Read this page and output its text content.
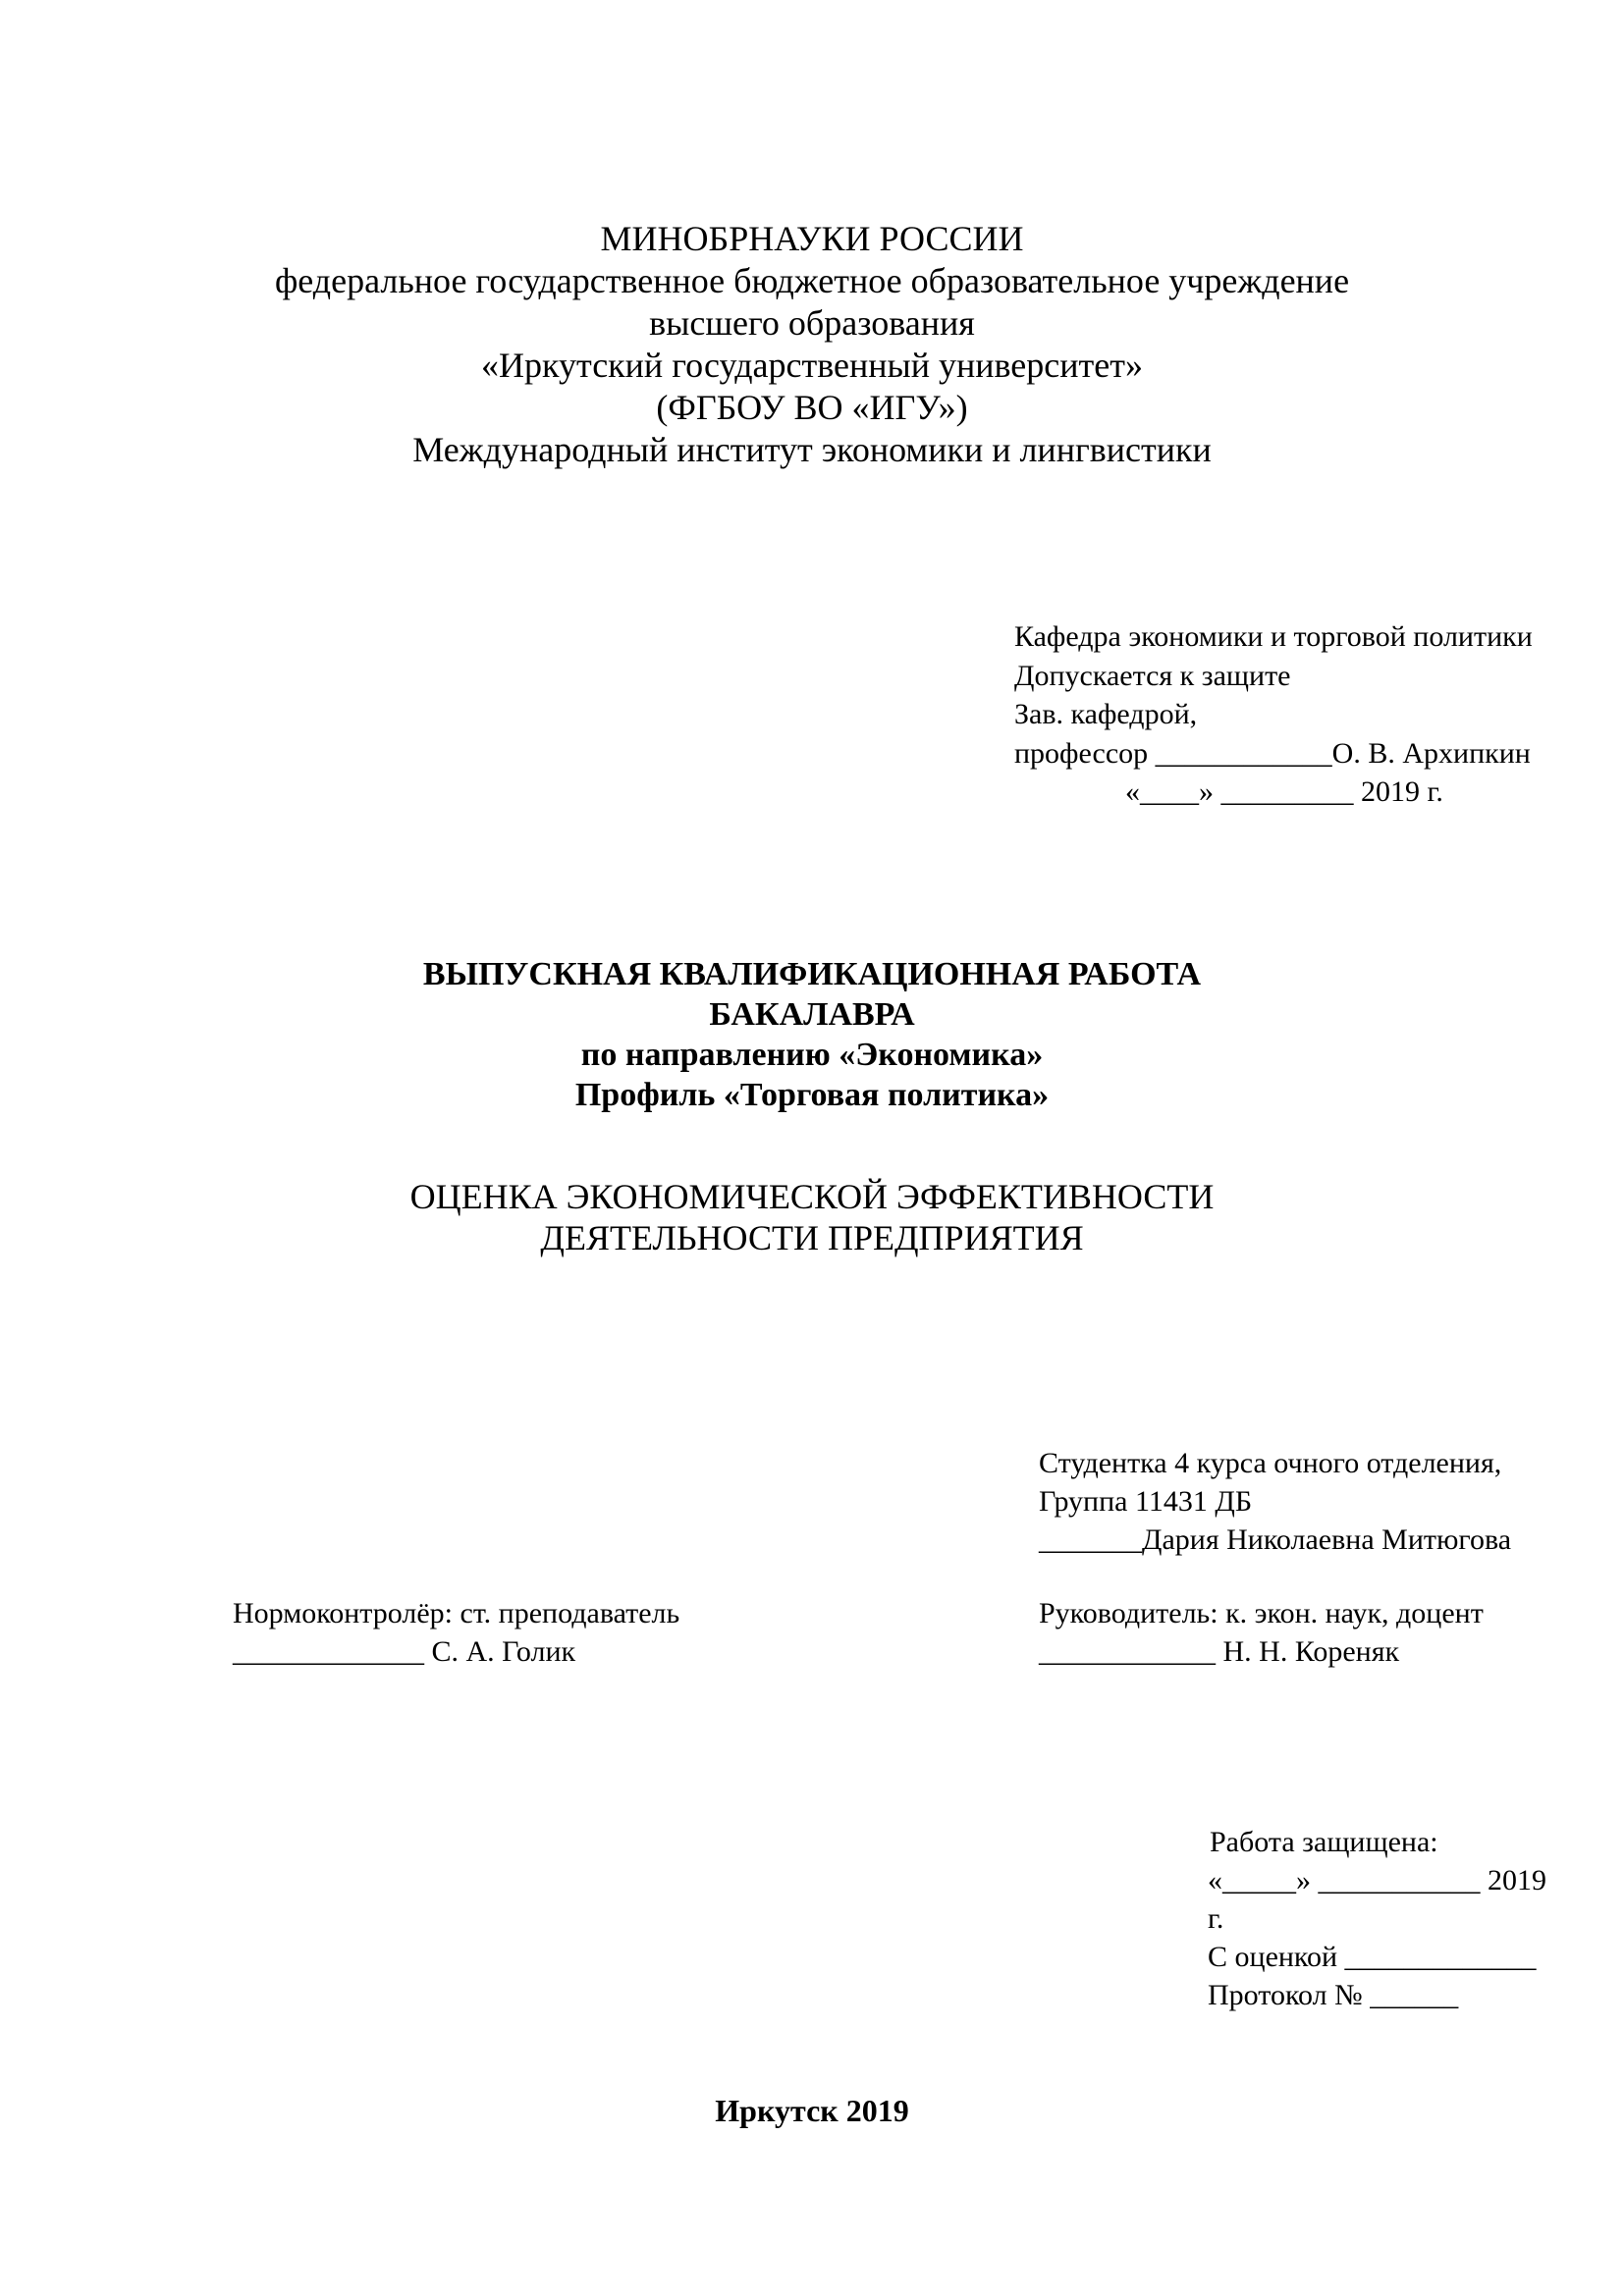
МИНОБРНАУКИ РОССИИ
федеральное государственное бюджетное образовательное учреждение
высшего образования
«Иркутский государственный университет»
(ФГБОУ ВО «ИГУ»)
Международный институт экономики и лингвистики
Кафедра экономики и торговой политики
Допускается к защите
Зав. кафедрой,
профессор ____________О. В. Архипкин
«____» _________ 2019 г.
ВЫПУСКНАЯ КВАЛИФИКАЦИОННАЯ РАБОТА
БАКАЛАВРА
по направлению «Экономика»
Профиль «Торговая политика»
ОЦЕНКА ЭКОНОМИЧЕСКОЙ ЭФФЕКТИВНОСТИ
ДЕЯТЕЛЬНОСТИ ПРЕДПРИЯТИЯ
Студентка 4 курса очного отделения,
Группа 11431 ДБ
_______Дария Николаевна Митюгова
Нормоконтролёр: ст. преподаватель
_____________ С. А. Голик
Руководитель: к. экон. наук, доцент
____________ Н. Н. Кореняк
Работа защищена:
«_____» ___________ 2019
г.
С оценкой _____________
Протокол № ______
Иркутск 2019
